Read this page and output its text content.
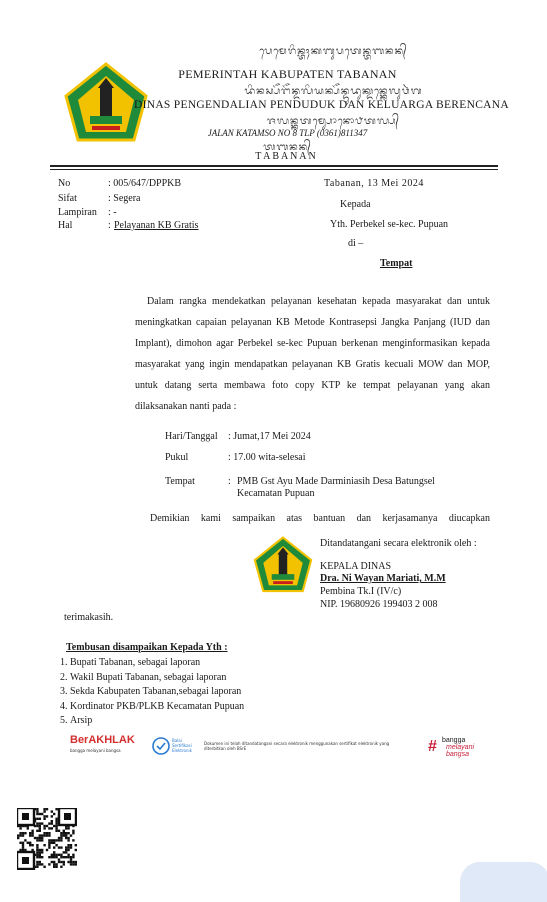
ᬧᬾᬫᬾᬭᬶᬦ᭄ᬢᬄᬓᬩᬸᬧᬢᬾᬦ᭄ᬢᬩᬦᬦ᭄
PEMERINTAH KABUPATEN TABANAN
ᬤᬶᬦᬲ᭄ᬧᭂᬗᭂᬦ᭄ᬤᬮᬶᬬᬦ᭄ᬧᭂᬦ᭄ᬤᬸᬤᬸᬓ᭄ᬤᬦ᭄ᬓᬾᬮᬸᬯᬃᬕ
DINAS PENGENDALIAN PENDUDUK DAN KELUARGA BERENCANA
ᬚᬮᬦ᭄ᬓᬢᬫ᭄ᬲᭀᬦᭀ᭘ᬢᬮ᭄ᬧ᭄
JALAN KATAMSO NO 8 TLP (0361)811347
ᬢᬩᬦᬦ᭄
T A B A N A N
No	: 005/647/DPPKB
Sifat	: Segera
Lampiran : -
Hal	: Pelayanan KB Gratis
Tabanan, 13 Mei 2024
Kepada
Yth. Perbekel se-kec. Pupuan
di –
Tempat
Dalam rangka mendekatkan pelayanan kesehatan kepada masyarakat dan untuk meningkatkan capaian pelayanan KB Metode Kontrasepsi Jangka Panjang (IUD dan Implant), dimohon agar Perbekel se-kec Pupuan berkenan menginformasikan kepada masyarakat yang ingin mendapatkan pelayanan KB Gratis kecuali MOW dan MOP, untuk datang serta membawa foto copy KTP ke tempat pelayanan yang akan dilaksanakan nanti pada :
Hari/Tanggal : Jumat,17 Mei 2024
Pukul	: 17.00 wita-selesai
Tempat	: PMB Gst Ayu Made Darminiasih Desa Batungsel
Kecamatan Pupuan
Demikian kami sampaikan atas bantuan dan kerjasamanya diucapkan
Ditandatangani secara elektronik oleh :
KEPALA DINAS
Dra. Ni Wayan Mariati, M.M
Pembina Tk.I (IV/c)
NIP. 19680926 199403 2 008
terimakasih.
Tembusan disampaikan Kepada Yth :
1. Bupati Tabanan, sebagai laporan
2. Wakil Bupati Tabanan, sebagai laporan
3. Sekda Kabupaten Tabanan,sebagai laporan
4. Kordinator PKB/PLKB Kecamatan Pupuan
5. Arsip
BerAKHLAK
bangga melayani bangsa
Balai
Sertifikasi
Elektronik
Dokumen ini telah ditandatangani secara elektronik menggunakan sertifikat elektronik yang diterbitkan oleh BSrE	# bangga
melayani
bangsa
